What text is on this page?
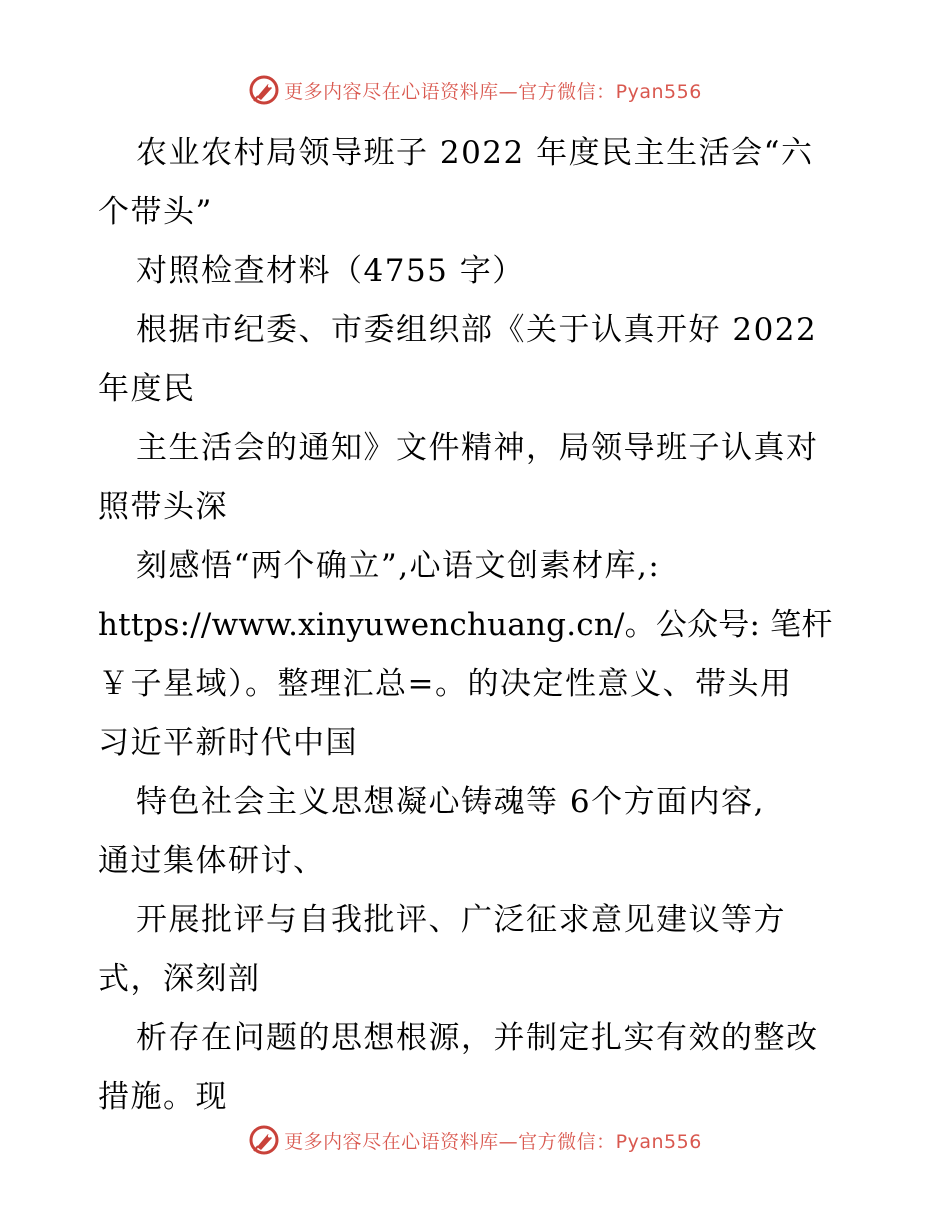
更多内容尽在心语资料库—官方微信：Pyan556
农业农村局领导班子 2022 年度民主生活会“六
个带头”
对照检查材料（4755 字）
根据市纪委、市委组织部《关于认真开好 2022
年度民
主生活会的通知》文件精神，局领导班子认真对
照带头深
刻感悟“两个确立”,心语文创素材库,:
https://www.xinyuwenchuang.cn/。公众号: 笔杆
￥子星域）。整理汇总=。的决定性意义、带头用
习近平新时代中国
特色社会主义思想凝心铸魂等 6个方面内容,
通过集体研讨、
开展批评与自我批评、广泛征求意见建议等方
式，深刻剖
析存在问题的思想根源，并制定扎实有效的整改
措施。现
更多内容尽在心语资料库—官方微信：Pyan556
